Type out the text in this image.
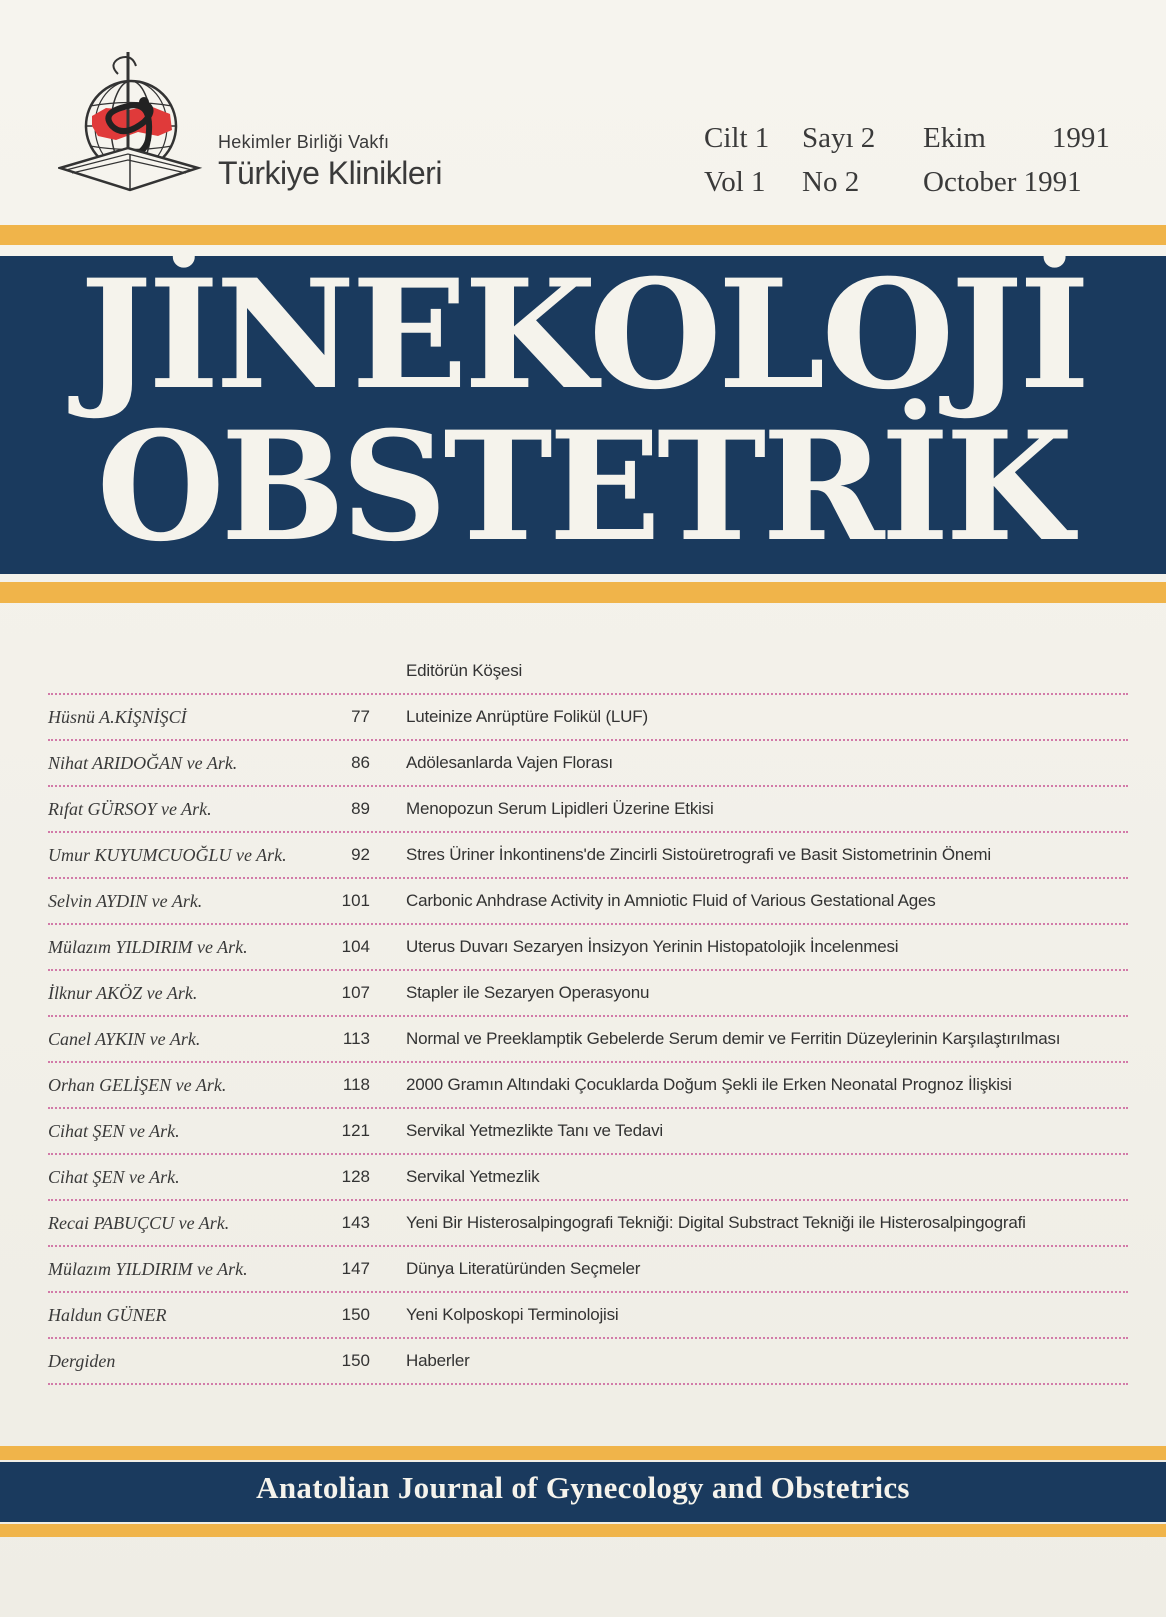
Hekimler Birliği Vakfı
Türkiye Klinikleri
Cilt 1
Vol 1
Sayı 2
No 2
Ekim 1991
October 1991
JİNEKOLOJİ
OBSTETRİK
Editörün Köşesi
Hüsnü A.KİŞNİŞCİ	77 Luteinize Anrüptüre Folikül (LUF)
Nihat ARIDOĞAN ve Ark.	86 Adölesanlarda Vajen Florası
Rıfat GÜRSOY ve Ark.	89 Menopozun Serum Lipidleri Üzerine Etkisi
Umur KUYUMCUOĞLU ve Ark.	92 Stres Üriner İnkontinens'de Zincirli Sistoüretrografi ve Basit Sistometrinin Önemi
Selvin AYDIN ve Ark.	101 Carbonic Anhdrase Activity in Amniotic Fluid of Various Gestational Ages
Mülazım YILDIRIM ve Ark.	104 Uterus Duvarı Sezaryen İnsizyon Yerinin Histopatolojik İncelenmesi
İlknur AKÖZ ve Ark.	107 Stapler ile Sezaryen Operasyonu
Canel AYKIN ve Ark.	113 Normal ve Preeklamptik Gebelerde Serum demir ve Ferritin Düzeylerinin Karşılaştırılması
Orhan GELİŞEN ve Ark.	118 2000 Gramın Altındaki Çocuklarda Doğum Şekli ile Erken Neonatal Prognoz İlişkisi
Cihat ŞEN ve Ark.	121 Servikal Yetmezlikte Tanı ve Tedavi
Cihat ŞEN ve Ark.	128 Servikal Yetmezlik
Recai PABUÇCU ve Ark.	143 Yeni Bir Histerosalpingografi Tekniği: Digital Substract Tekniği ile Histerosalpingografi
Mülazım YILDIRIM ve Ark.	147 Dünya Literatüründen Seçmeler
Haldun GÜNER	150 Yeni Kolposkopi Terminolojisi
Dergiden	150 Haberler
Anatolian Journal of Gynecology and Obstetrics
